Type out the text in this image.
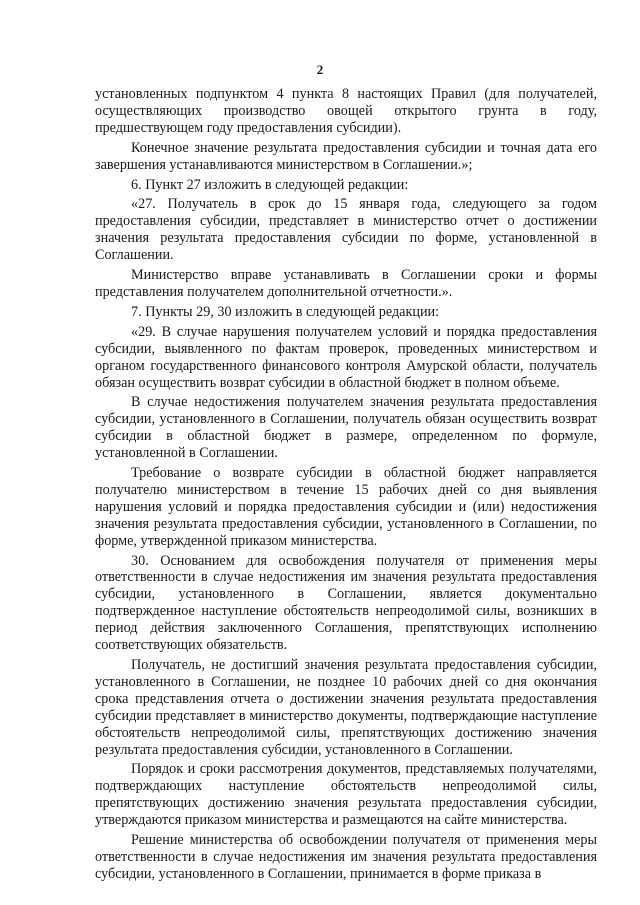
2

установленных подпунктом 4 пункта 8 настоящих Правил (для получателей, осуществляющих производство овощей открытого грунта в году, предшествующем году предоставления субсидии).

Конечное значение результата предоставления субсидии и точная дата его завершения устанавливаются министерством в Соглашении.»;

6. Пункт 27 изложить в следующей редакции:

«27. Получатель в срок до 15 января года, следующего за годом предоставления субсидии, представляет в министерство отчет о достижении значения результата предоставления субсидии по форме, установленной в Соглашении.

Министерство вправе устанавливать в Соглашении сроки и формы представления получателем дополнительной отчетности.».

7. Пункты 29, 30 изложить в следующей редакции:

«29. В случае нарушения получателем условий и порядка предоставления субсидии, выявленного по фактам проверок, проведенных министерством и органом государственного финансового контроля Амурской области, получатель обязан осуществить возврат субсидии в областной бюджет в полном объеме.

В случае недостижения получателем значения результата предоставления субсидии, установленного в Соглашении, получатель обязан осуществить возврат субсидии в областной бюджет в размере, определенном по формуле, установленной в Соглашении.

Требование о возврате субсидии в областной бюджет направляется получателю министерством в течение 15 рабочих дней со дня выявления нарушения условий и порядка предоставления субсидии и (или) недостижения значения результата предоставления субсидии, установленного в Соглашении, по форме, утвержденной приказом министерства.

30. Основанием для освобождения получателя от применения меры ответственности в случае недостижения им значения результата предоставления субсидии, установленного в Соглашении, является документально подтвержденное наступление обстоятельств непреодолимой силы, возникших в период действия заключенного Соглашения, препятствующих исполнению соответствующих обязательств.

Получатель, не достигший значения результата предоставления субсидии, установленного в Соглашении, не позднее 10 рабочих дней со дня окончания срока представления отчета о достижении значения результата предоставления субсидии представляет в министерство документы, подтверждающие наступление обстоятельств непреодолимой силы, препятствующих достижению значения результата предоставления субсидии, установленного в Соглашении.

Порядок и сроки рассмотрения документов, представляемых получателями, подтверждающих наступление обстоятельств непреодолимой силы, препятствующих достижению значения результата предоставления субсидии, утверждаются приказом министерства и размещаются на сайте министерства.

Решение министерства об освобождении получателя от применения меры ответственности в случае недостижения им значения результата предоставления субсидии, установленного в Соглашении, принимается в форме приказа в
